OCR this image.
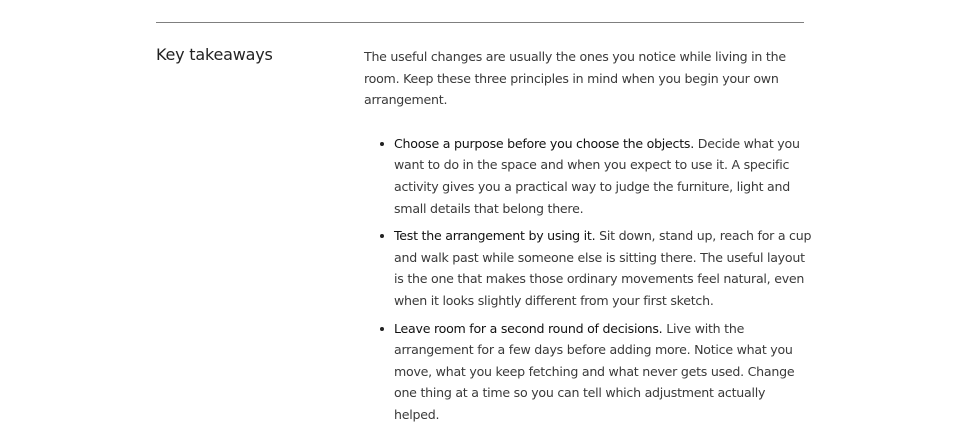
Key takeaways	The useful changes are usually the ones you notice while living in the room. Keep these three principles in mind when you begin your own arrangement.

Choose a purpose before you choose the objects. Decide what you want to do in the space and when you expect to use it. A specific activity gives you a practical way to judge the furniture, light and small details that belong there.
Test the arrangement by using it. Sit down, stand up, reach for a cup and walk past while someone else is sitting there. The useful layout is the one that makes those ordinary movements feel natural, even when it looks slightly different from your first sketch.
Leave room for a second round of decisions. Live with the arrangement for a few days before adding more. Notice what you move, what you keep fetching and what never gets used. Change one thing at a time so you can tell which adjustment actually helped.
